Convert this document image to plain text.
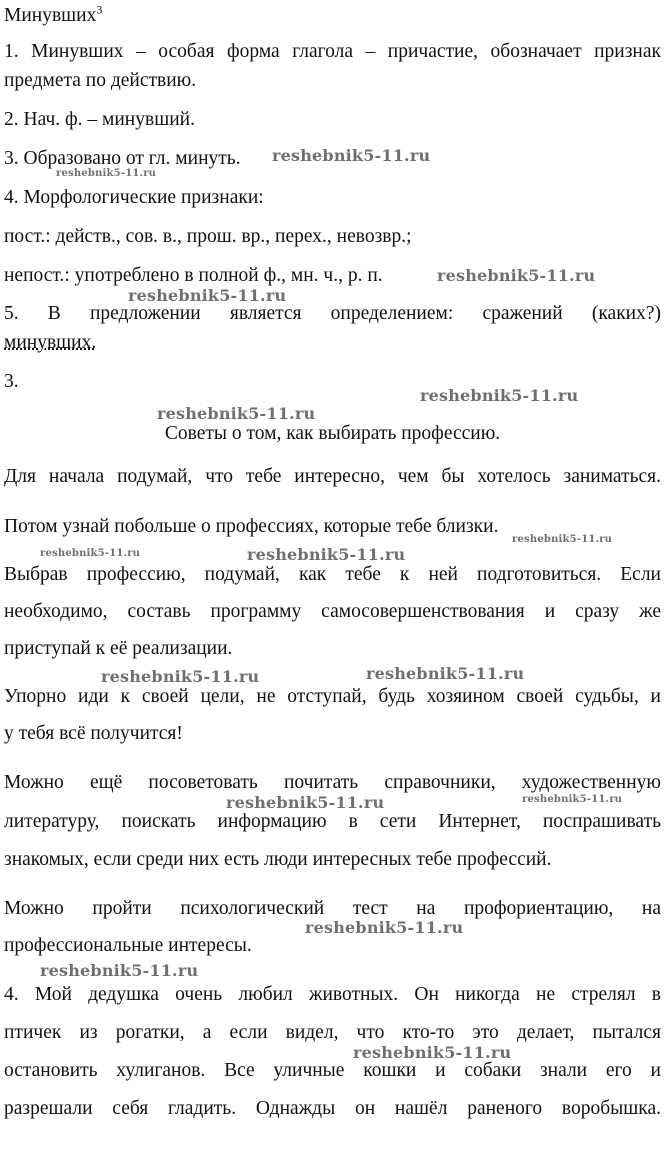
Минувших$^3$
1. Минувших – особая форма глагола – причастие, обозначает признак
предмета по действию.
2. Нач. ф. – минувший.
3. Образовано от гл. минуть.
4. Морфологические признаки:
пост.: действ., сов. в., прош. вр., перех., невозвр.;
непост.: употреблено в полной ф., мн. ч., р. п.
5. В предложении является определением: сражений (каких?)
минувших.
3.
Советы о том, как выбирать профессию.
Для начала подумай, что тебе интересно, чем бы хотелось заниматься.
Потом узнай побольше о профессиях, которые тебе близки.
Выбрав профессию, подумай, как тебе к ней подготовиться. Если
необходимо, составь программу самосовершенствования и сразу же
приступай к её реализации.
Упорно иди к своей цели, не отступай, будь хозяином своей судьбы, и
у тебя всё получится!
Можно ещё посоветовать почитать справочники, художественную
литературу, поискать информацию в сети Интернет, поспрашивать
знакомых, если среди них есть люди интересных тебе профессий.
Можно пройти психологический тест на профориентацию, на
профессиональные интересы.
4. Мой дедушка очень любил животных. Он никогда не стрелял в
птичек из рогатки, а если видел, что кто-то это делает, пытался
остановить хулиганов. Все уличные кошки и собаки знали его и
разрешали себя гладить. Однажды он нашёл раненого воробышка.
reshebnik5-11.ru
reshebnik5-11.ru
reshebnik5-11.ru
reshebnik5-11.ru
reshebnik5-11.ru
reshebnik5-11.ru
reshebnik5-11.ru
reshebnik5-11.ru	reshebnik5-11.ru
reshebnik5-11.ru	reshebnik5-11.ru
reshebnik5-11.ru	reshebnik5-11.ru
reshebnik5-11.ru
reshebnik5-11.ru
reshebnik5-11.ru
